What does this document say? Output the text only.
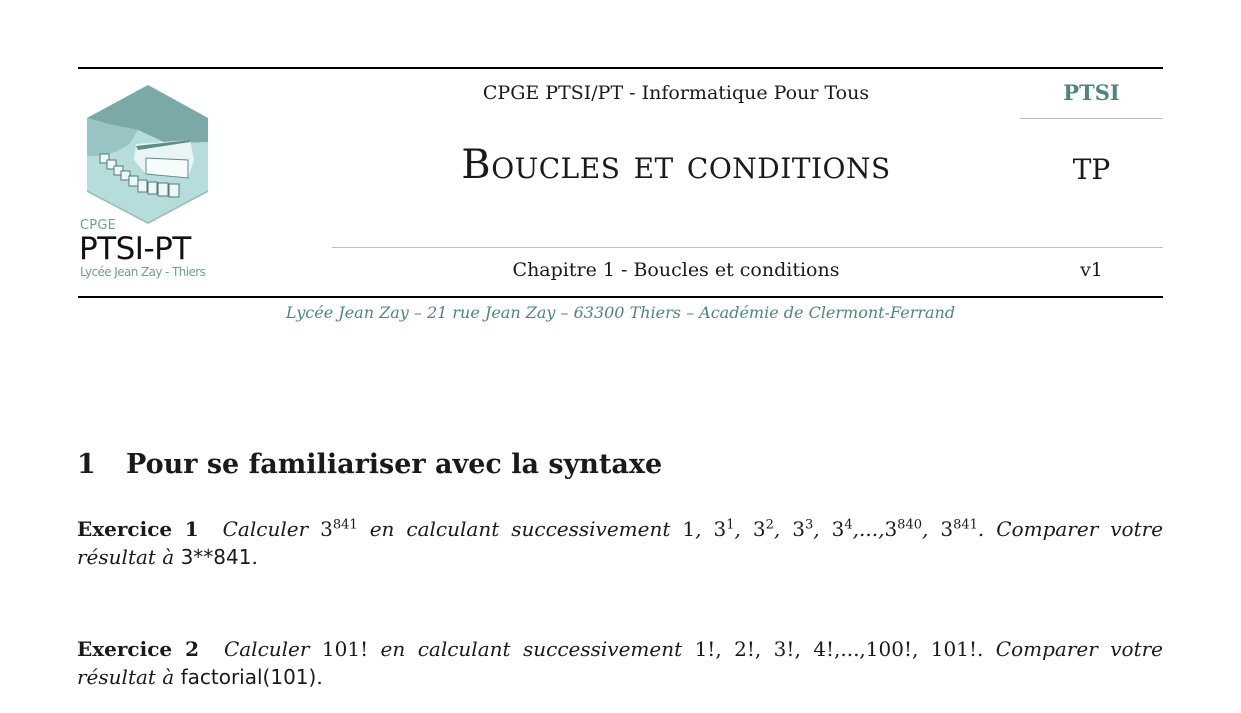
CPGE
PTSI-PT
Lycée Jean Zay - Thiers
CPGE PTSI/PT - Informatique Pour Tous
Boucles et conditions
Chapitre 1 - Boucles et conditions
PTSI
TP
v1
Lycée Jean Zay – 21 rue Jean Zay – 63300 Thiers – Académie de Clermont-Ferrand
1 Pour se familiariser avec la syntaxe
Exercice 1 Calculer $3^{841}$ en calculant successivement 1, $3^1$, $3^2$, $3^3$, $3^4,...,3^{840}$, $3^{841}$. Comparer votre résultat à 3**841.
Exercice 2 Calculer 101! en calculant successivement 1!, 2!, 3!, 4!,...,100!, 101!. Comparer votre résultat à factorial(101).
